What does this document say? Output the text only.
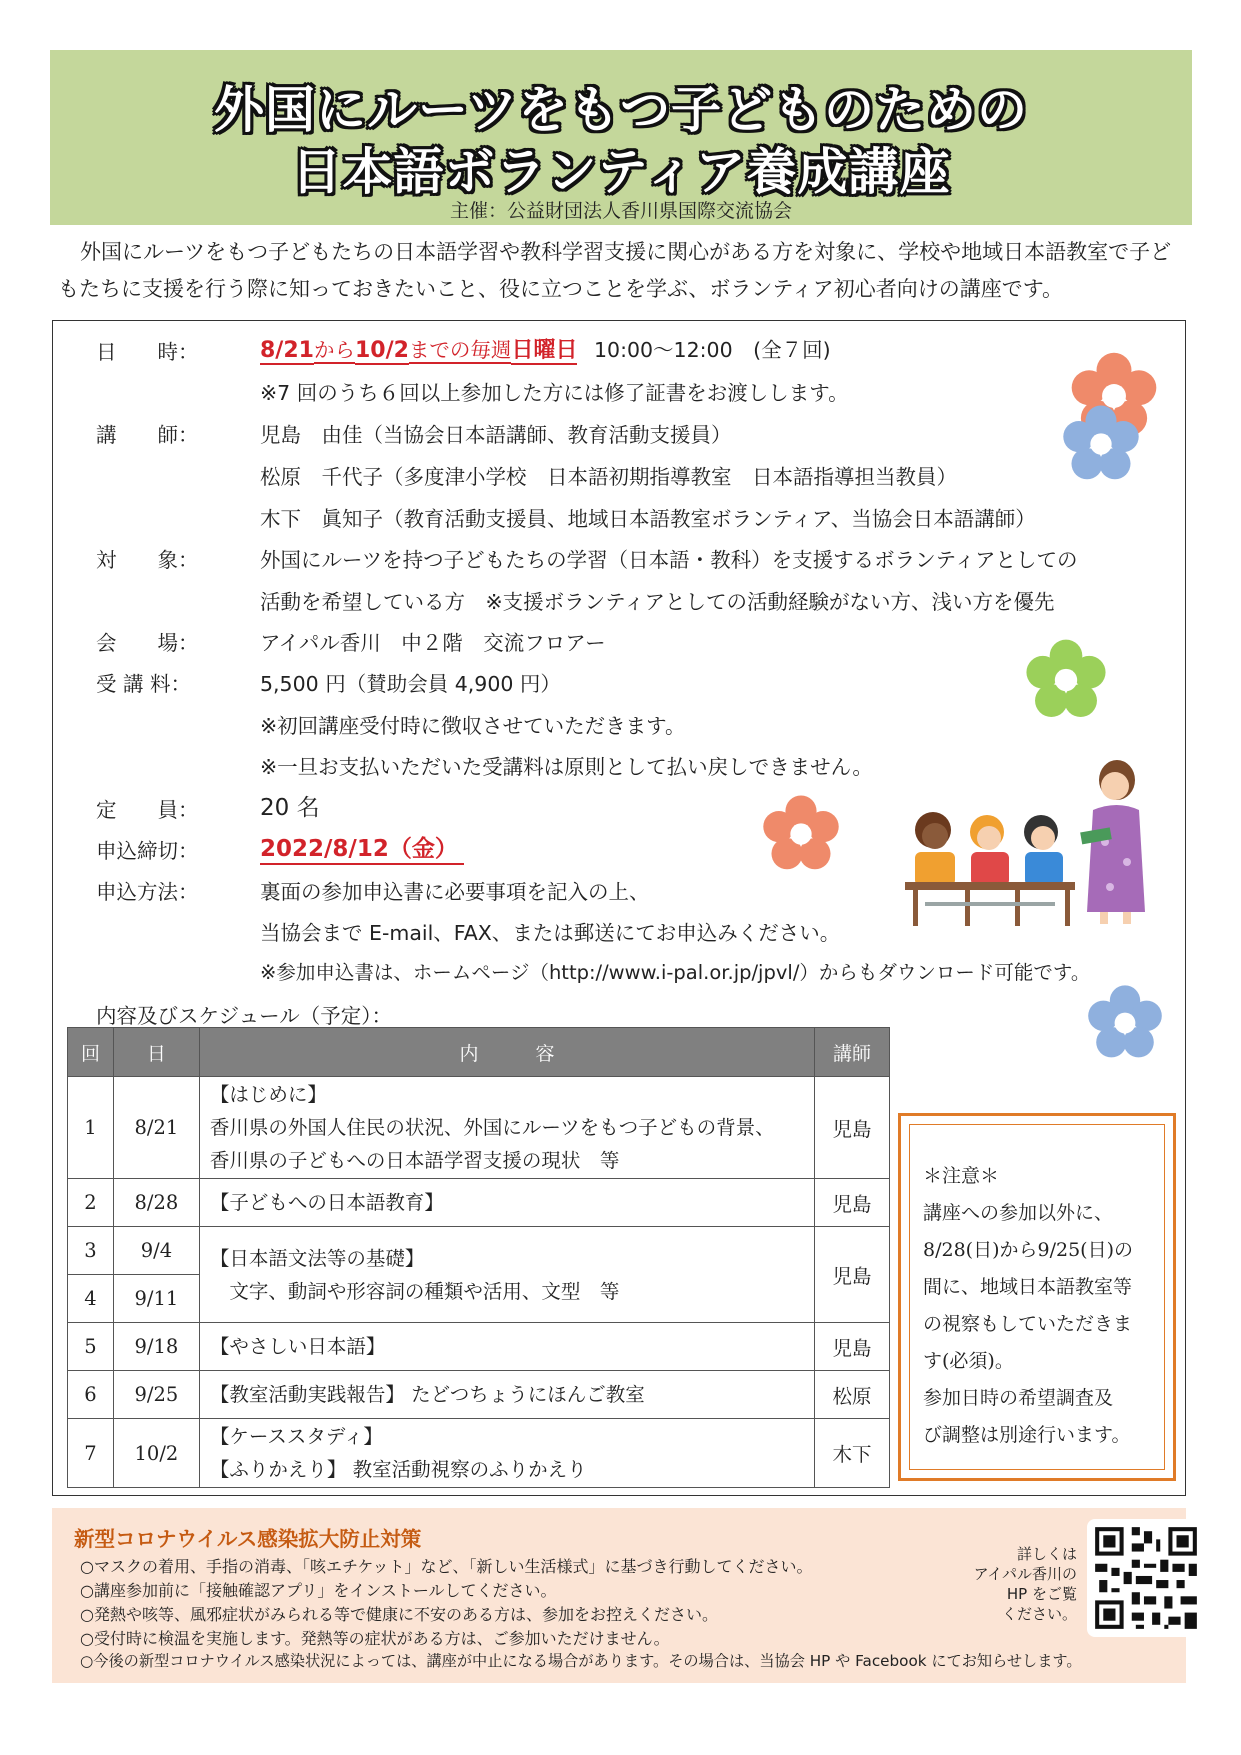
外国にルーツをもつ子どものための
日本語ボランティア養成講座
主催：公益財団法人香川県国際交流協会
外国にルーツをもつ子どもたちの日本語学習や教科学習支援に関心がある方を対象に、学校や地域日本語教室で子どもたちに支援を行う際に知っておきたいこと、役に立つことを学ぶ、ボランティア初心者向けの講座です。
日　　時：	8/21から10/2までの毎週日曜日 10:00～12:00　(全７回)
※7 回のうち６回以上参加した方には修了証書をお渡しします。
講　　師：	児島　由佳（当協会日本語講師、教育活動支援員）
松原　千代子（多度津小学校　日本語初期指導教室　日本語指導担当教員）
木下　眞知子（教育活動支援員、地域日本語教室ボランティア、当協会日本語講師）
対　　象：	外国にルーツを持つ子どもたちの学習（日本語・教科）を支援するボランティアとしての
活動を希望している方　※支援ボランティアとしての活動経験がない方、浅い方を優先
会　　場：	アイパル香川　中２階　交流フロアー
受 講 料：	5,500 円（賛助会員 4,900 円）
※初回講座受付時に徴収させていただきます。
※一旦お支払いただいた受講料は原則として払い戻しできません。
定　　員：	20 名
申込締切：	2022/8/12（金）
申込方法：	裏面の参加申込書に必要事項を記入の上、
当協会まで E-mail、FAX、または郵送にてお申込みください。
※参加申込書は、ホームページ（http://www.i-pal.or.jp/jpvl/）からもダウンロード可能です。
内容及びスケジュール（予定）：
回	日	内　　　容	講師
1	8/21	【はじめに】
香川県の外国人住民の状況、外国にルーツをもつ子どもの背景、
香川県の子どもへの日本語学習支援の現状　等	児島
2	8/28	【子どもへの日本語教育】	児島
3	9/4	【日本語文法等の基礎】
　文字、動詞や形容詞の種類や活用、文型　等	児島
4	9/11		
5	9/18	【やさしい日本語】	児島
6	9/25	【教室活動実践報告】 たどつちょうにほんご教室	松原
7	10/2	【ケーススタディ】
【ふりかえり】 教室活動視察のふりかえり	木下
＊注意＊
講座への参加以外に、
8/28(日)から9/25(日)の
間に、地域日本語教室等
の視察もしていただきま
す(必須)。
参加日時の希望調査及
び調整は別途行います。
新型コロナウイルス感染拡大防止対策
○マスクの着用、手指の消毒、「咳エチケット」など、「新しい生活様式」に基づき行動してください。
○講座参加前に「接触確認アプリ」をインストールしてください。
○発熱や咳等、風邪症状がみられる等で健康に不安のある方は、参加をお控えください。
○受付時に検温を実施します。発熱等の症状がある方は、ご参加いただけません。
○今後の新型コロナウイルス感染状況によっては、講座が中止になる場合があります。その場合は、当協会 HP や Facebook にてお知らせします。
詳しくは
アイパル香川の
HP をご覧
ください。
